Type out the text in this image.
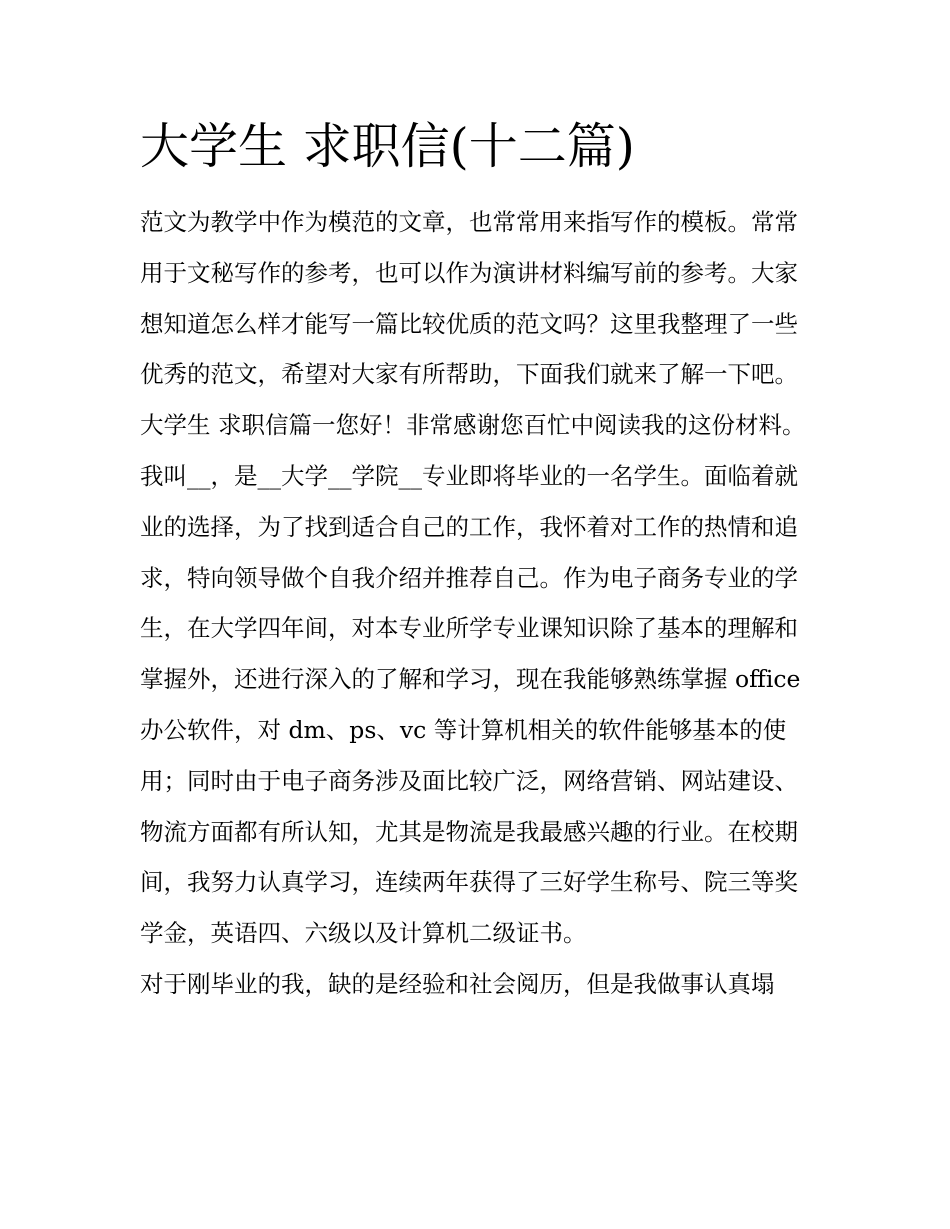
大学生 求职信(十二篇)

范文为教学中作为模范的文章，也常常用来指写作的模板。常常用于文秘写作的参考，也可以作为演讲材料编写前的参考。大家想知道怎么样才能写一篇比较优质的范文吗？这里我整理了一些优秀的范文，希望对大家有所帮助，下面我们就来了解一下吧。

大学生 求职信篇一您好！非常感谢您百忙中阅读我的这份材料。

我叫__，是__大学__学院__专业即将毕业的一名学生。面临着就业的选择，为了找到适合自己的工作，我怀着对工作的热情和追求，特向领导做个自我介绍并推荐自己。作为电子商务专业的学生，在大学四年间，对本专业所学专业课知识除了基本的理解和掌握外，还进行深入的了解和学习，现在我能够熟练掌握 office 办公软件，对 dm、ps、vc 等计算机相关的软件能够基本的使用；同时由于电子商务涉及面比较广泛，网络营销、网站建设、物流方面都有所认知，尤其是物流是我最感兴趣的行业。在校期间，我努力认真学习，连续两年获得了三好学生称号、院三等奖学金，英语四、六级以及计算机二级证书。

对于刚毕业的我，缺的是经验和社会阅历，但是我做事认真塌
